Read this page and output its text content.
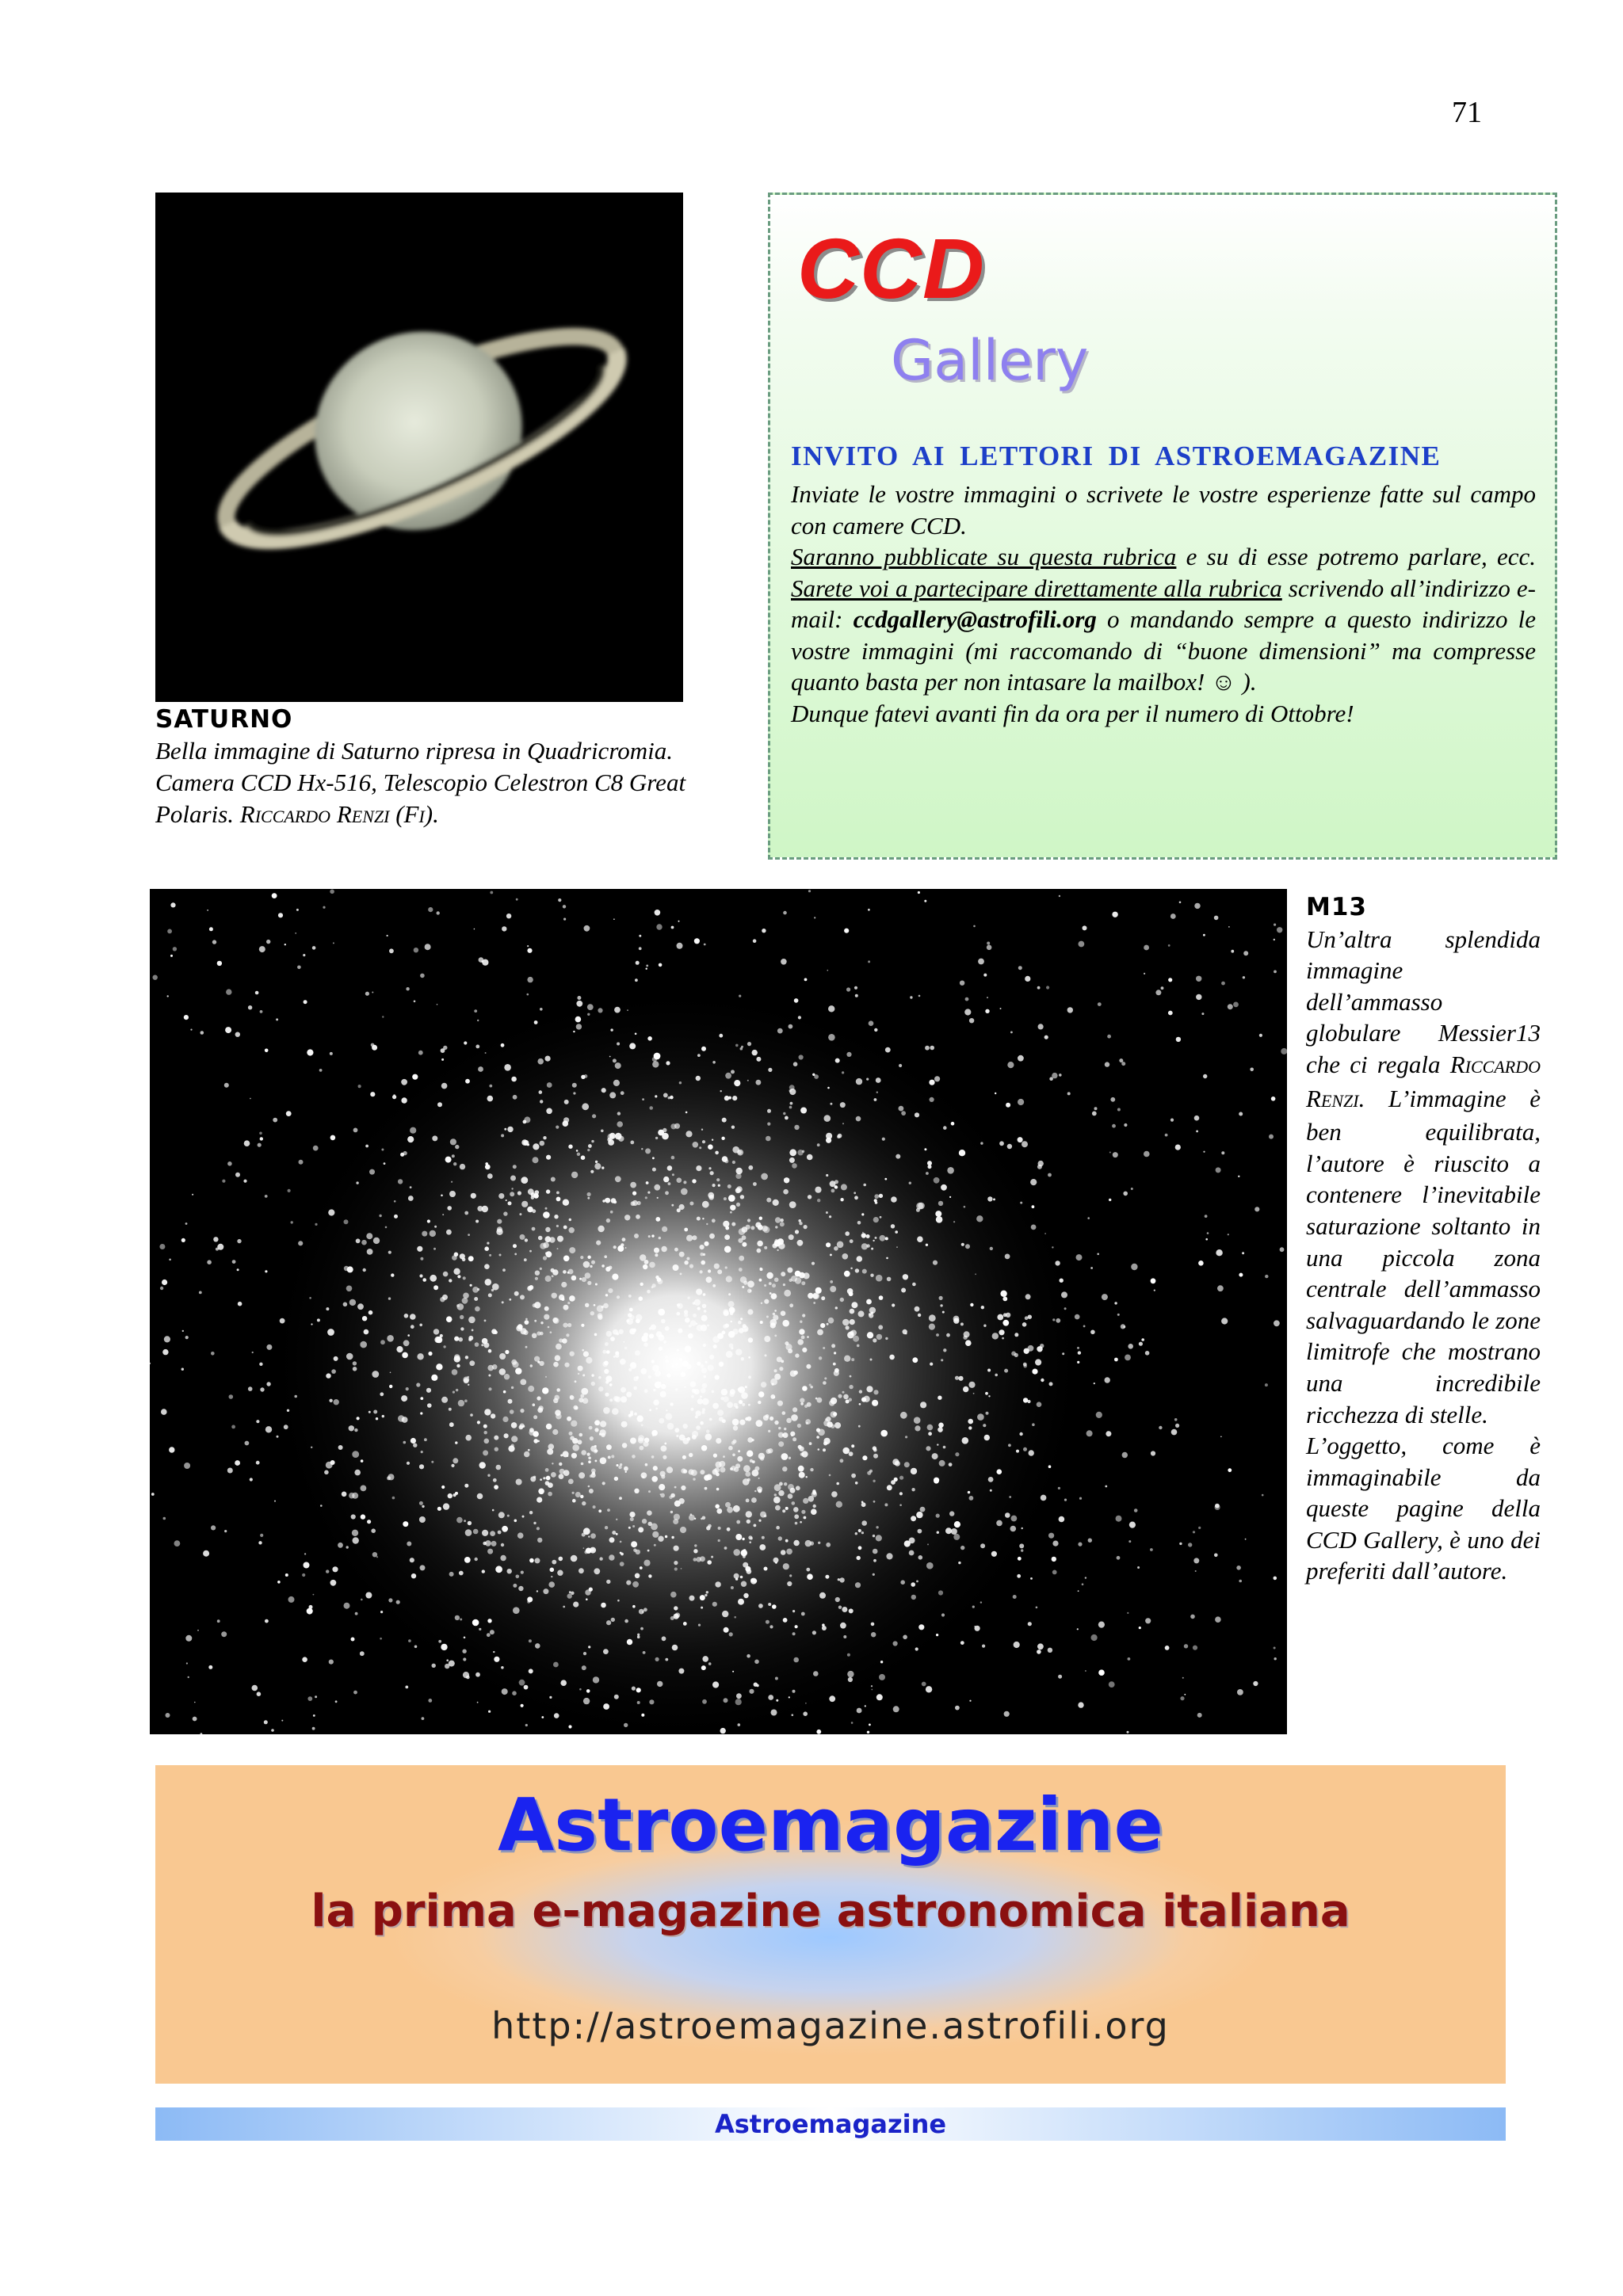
71
SATURNO
Bella immagine di Saturno ripresa in Quadricromia. Camera CCD Hx-516, Telescopio Celestron C8 Great Polaris. RICCARDO RENZI (FI).
CCD
Gallery
INVITO AI LETTORI DI ASTROEMAGAZINE

Inviate le vostre immagini o scrivete le vostre esperienze fatte sul campo con camere CCD.

Saranno pubblicate su questa rubrica e su di esse potremo parlare, ecc. Sarete voi a partecipare direttamente alla rubrica scrivendo all’indirizzo e-mail: ccdgallery@astrofili.org o mandando sempre a questo indirizzo le vostre immagini (mi raccomando di “buone dimensioni” ma compresse quanto basta per non intasare la mailbox! ☺ ).

Dunque fatevi avanti fin da ora per il numero di Ottobre!

M13

Un’altra splendida immagine dell’ammasso globulare Messier13 che ci regala RICCARDO RENZI. L’immagine è ben equilibrata, l’autore è riuscito a contenere l’inevitabile saturazione soltanto in una piccola zona centrale dell’ammasso salvaguardando le zone limitrofe che mostrano una incredibile ricchezza di stelle.

L’oggetto, come è immaginabile da queste pagine della CCD Gallery, è uno dei preferiti dall’autore.

Astroemagazine
la prima e-magazine astronomica italiana
http://astroemagazine.astrofili.org
Astroemagazine
